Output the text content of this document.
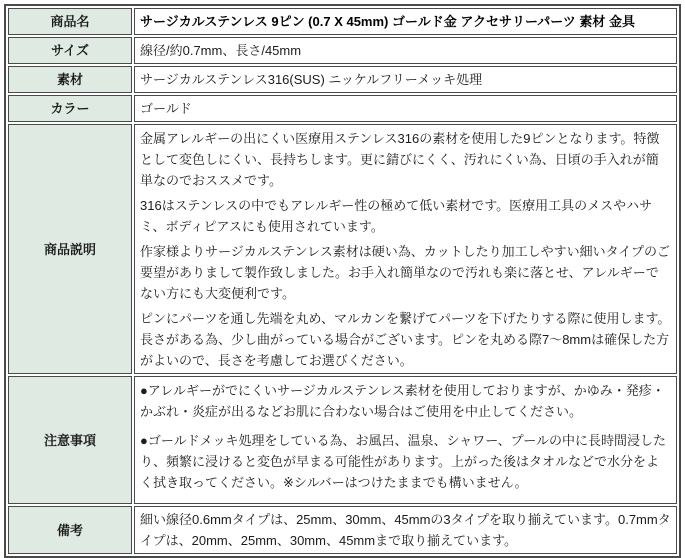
商品名	サージカルステンレス 9ピン (0.7 X 45mm) ゴールド金 アクセサリーパーツ 素材 金具
サイズ	線径/約0.7mm、長さ/45mm
素材	サージカルステンレス316(SUS) ニッケルフリーメッキ処理
カラー	ゴールド
商品説明	金属アレルギーの出にくい医療用ステンレス316の素材を使用した9ピンとなります。特徴として変色しにくい、長持ちします。更に錆びにくく、汚れにくい為、日頃の手入れが簡単なのでおススメです。

316はステンレスの中でもアレルギー性の極めて低い素材です。医療用工具のメスやハサミ、ボディピアスにも使用されています。

作家様よりサージカルステンレス素材は硬い為、カットしたり加工しやすい細いタイプのご要望がありまして製作致しました。お手入れ簡単なので汚れも楽に落とせ、アレルギーでない方にも大変便利です。

ピンにパーツを通し先端を丸め、マルカンを繋げてパーツを下げたりする際に使用します。長さがある為、少し曲がっている場合がございます。ピンを丸める際7～8mmは確保した方がよいので、長さを考慮してお選びください。

注意事項	●アレルギーがでにくいサージカルステンレス素材を使用しておりますが、かゆみ・発疹・かぶれ・炎症が出るなどお肌に合わない場合はご使用を中止してください。

●ゴールドメッキ処理をしている為、お風呂、温泉、シャワー、プールの中に長時間浸したり、頻繁に浸けると変色が早まる可能性があります。上がった後はタオルなどで水分をよく拭き取ってください。※シルバーはつけたままでも構いません。

備考	細い線径0.6mmタイプは、25mm、30mm、45mmの3タイプを取り揃えています。0.7mmタイプは、20mm、25mm、30mm、45mmまで取り揃えています。
